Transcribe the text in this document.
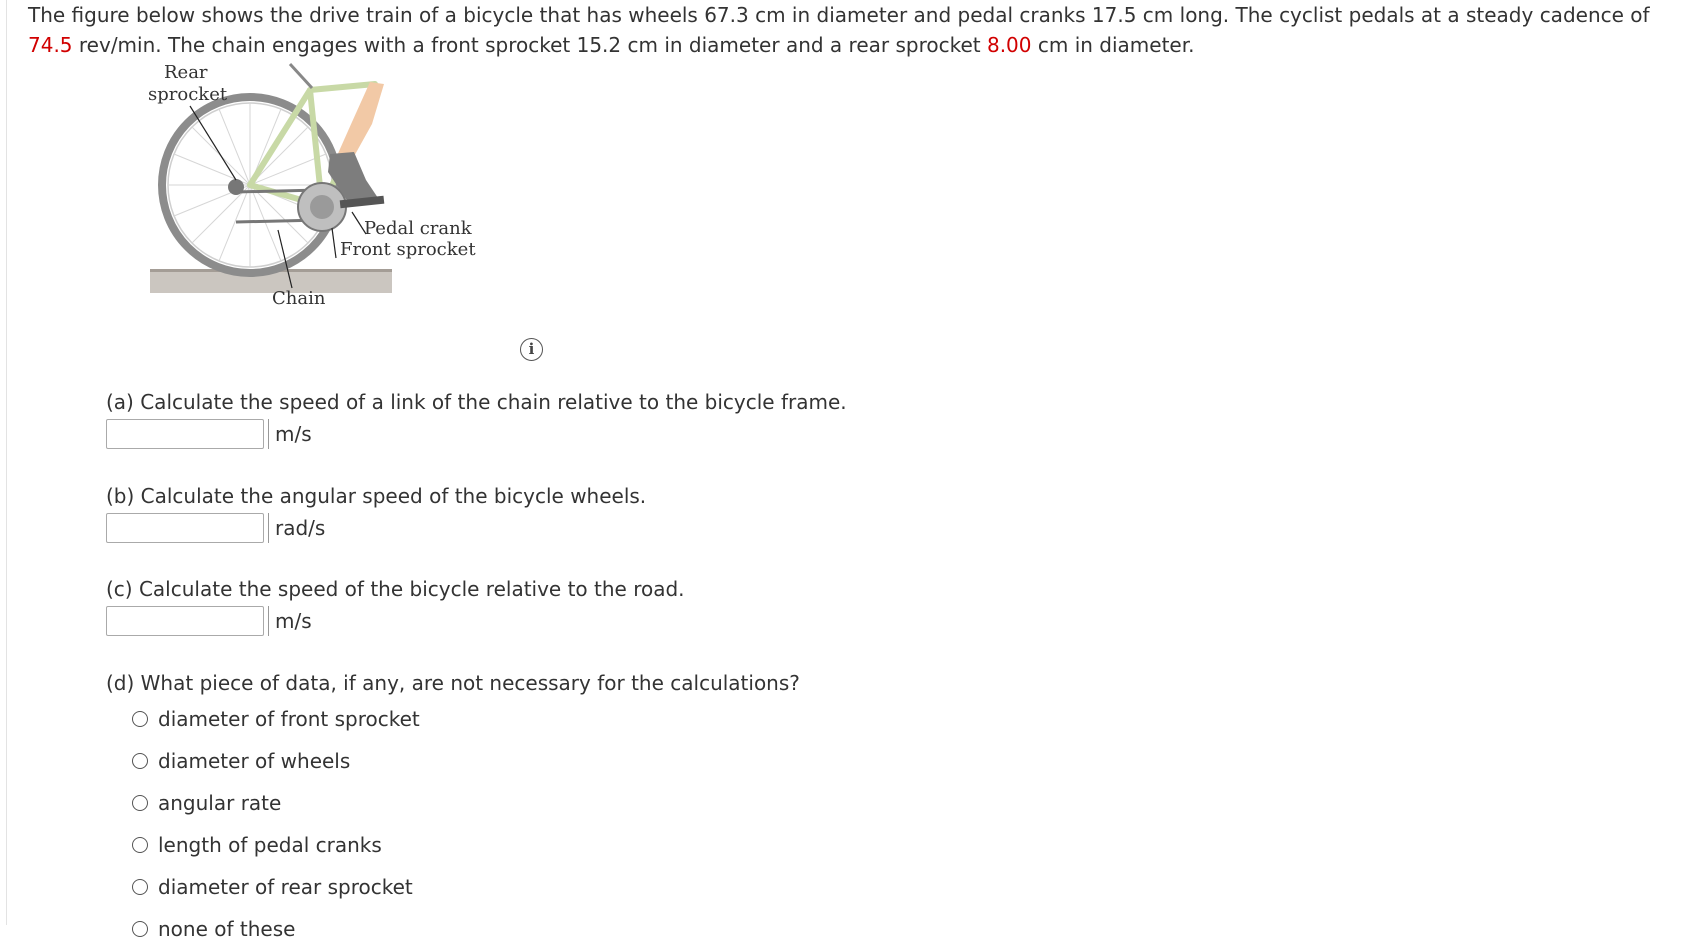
The figure below shows the drive train of a bicycle that has wheels 67.3 cm in diameter and pedal cranks 17.5 cm long. The cyclist pedals at a steady cadence of 74.5 rev/min. The chain engages with a front sprocket 15.2 cm in diameter and a rear sprocket 8.00 cm in diameter.
Rear
sprocket
Pedal crank
Front sprocket
Chain
i
(a) Calculate the speed of a link of the chain relative to the bicycle frame.
m/s
(b) Calculate the angular speed of the bicycle wheels.
rad/s
(c) Calculate the speed of the bicycle relative to the road.
m/s
(d) What piece of data, if any, are not necessary for the calculations?
diameter of front sprocket
diameter of wheels
angular rate
length of pedal cranks
diameter of rear sprocket
none of these
